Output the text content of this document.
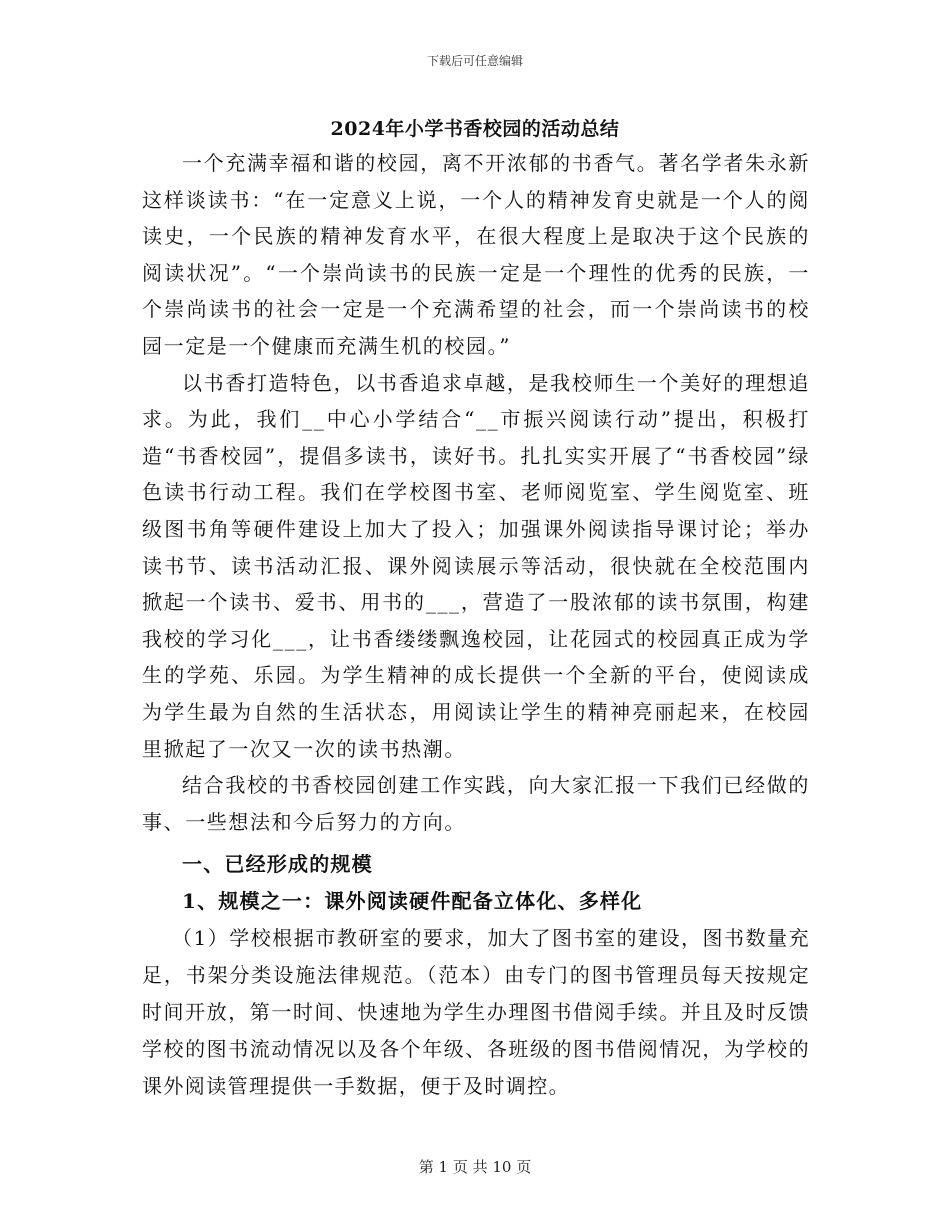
下载后可任意编辑
2024年小学书香校园的活动总结

一个充满幸福和谐的校园，离不开浓郁的书香气。著名学者朱永新这样谈读书：“在一定意义上说，一个人的精神发育史就是一个人的阅读史，一个民族的精神发育水平，在很大程度上是取决于这个民族的阅读状况”。“一个崇尚读书的民族一定是一个理性的优秀的民族，一个崇尚读书的社会一定是一个充满希望的社会，而一个崇尚读书的校园一定是一个健康而充满生机的校园。”

以书香打造特色，以书香追求卓越，是我校师生一个美好的理想追求。为此，我们__中心小学结合“__市振兴阅读行动”提出，积极打造“书香校园”，提倡多读书，读好书。扎扎实实开展了“书香校园”绿色读书行动工程。我们在学校图书室、老师阅览室、学生阅览室、班级图书角等硬件建设上加大了投入；加强课外阅读指导课讨论；举办读书节、读书活动汇报、课外阅读展示等活动，很快就在全校范围内掀起一个读书、爱书、用书的___，营造了一股浓郁的读书氛围，构建我校的学习化___，让书香缕缕飘逸校园，让花园式的校园真正成为学生的学苑、乐园。为学生精神的成长提供一个全新的平台，使阅读成为学生最为自然的生活状态，用阅读让学生的精神亮丽起来，在校园里掀起了一次又一次的读书热潮。

结合我校的书香校园创建工作实践，向大家汇报一下我们已经做的事、一些想法和今后努力的方向。

一、已经形成的规模

1、规模之一：课外阅读硬件配备立体化、多样化

（1）学校根据市教研室的要求，加大了图书室的建设，图书数量充足，书架分类设施法律规范。（范本）由专门的图书管理员每天按规定时间开放，第一时间、快速地为学生办理图书借阅手续。并且及时反馈学校的图书流动情况以及各个年级、各班级的图书借阅情况，为学校的课外阅读管理提供一手数据，便于及时调控。

第 1 页 共 10 页
